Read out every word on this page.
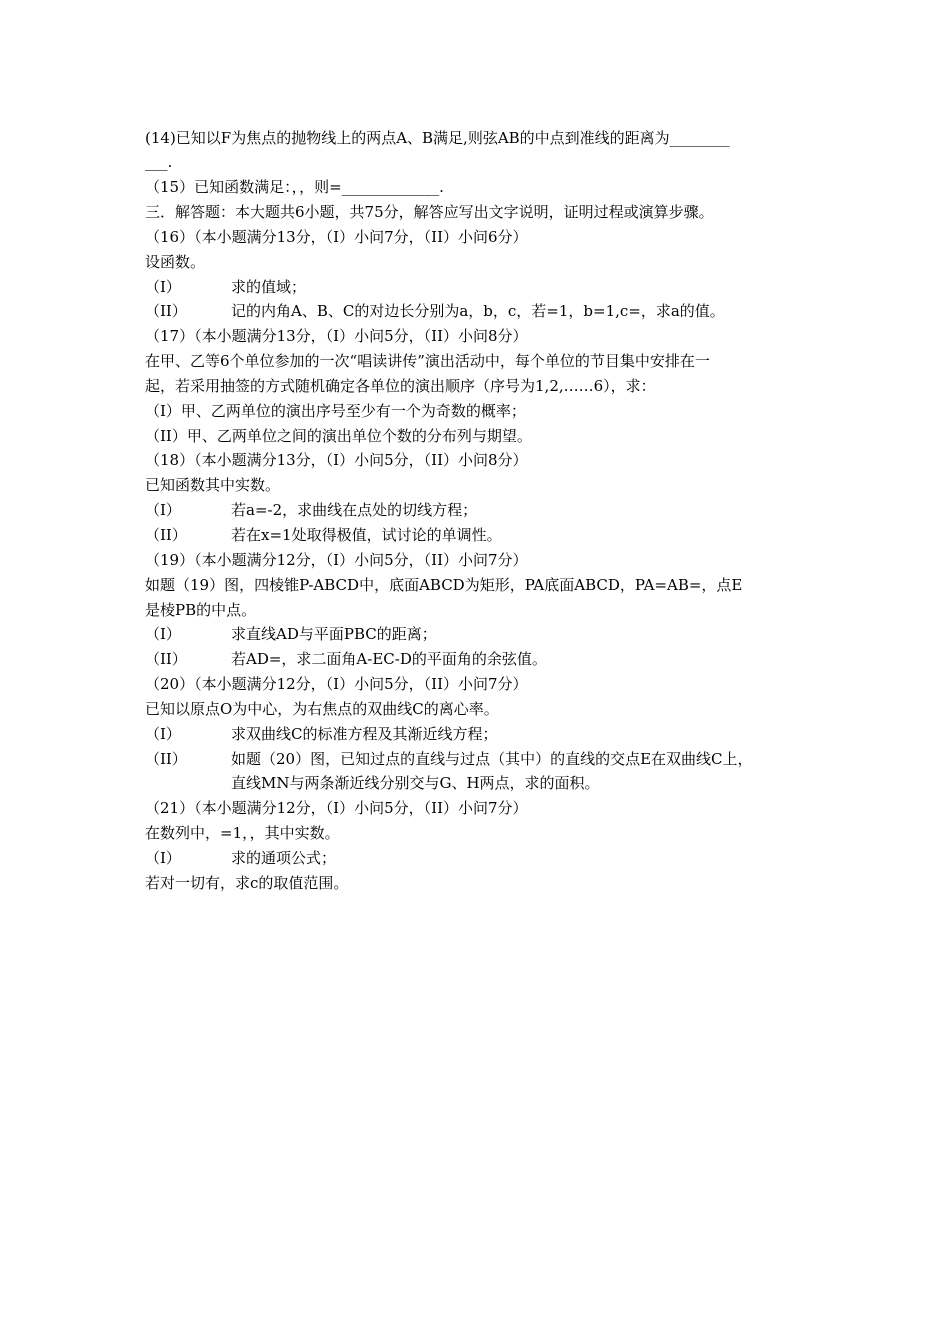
(14)已知以F为焦点的抛物线上的两点A、B满足,则弦AB的中点到准线的距离为________
___.
（15）已知函数满足：，，则=_____________.
三．解答题：本大题共6小题，共75分，解答应写出文字说明，证明过程或演算步骤。
（16）（本小题满分13分，（I）小问7分，（II）小问6分）
设函数。
（I）	求的值域；
（II）	记的内角A、B、C的对边长分别为a，b，c，若=1，b=1,c=，求a的值。
（17）（本小题满分13分，（I）小问5分，（II）小问8分）
在甲、乙等6个单位参加的一次“唱读讲传”演出活动中，每个单位的节目集中安排在一
起，若采用抽签的方式随机确定各单位的演出顺序（序号为1,2,……6），求：
（I）甲、乙两单位的演出序号至少有一个为奇数的概率；
（II）甲、乙两单位之间的演出单位个数的分布列与期望。
（18）（本小题满分13分，（I）小问5分，（II）小问8分）
已知函数其中实数。
（I）	若a=-2，求曲线在点处的切线方程；
（II）	若在x=1处取得极值，试讨论的单调性。
（19）（本小题满分12分，（I）小问5分，（II）小问7分）
如题（19）图，四棱锥P-ABCD中，底面ABCD为矩形，PA底面ABCD，PA=AB=，点E
是棱PB的中点。
（I）	求直线AD与平面PBC的距离；
（II）	若AD=，求二面角A-EC-D的平面角的余弦值。
（20）（本小题满分12分，（I）小问5分，（II）小问7分）
已知以原点O为中心，为右焦点的双曲线C的离心率。
（I）	求双曲线C的标准方程及其渐近线方程；
（II）	如题（20）图，已知过点的直线与过点（其中）的直线的交点E在双曲线C上，
直线MN与两条渐近线分别交与G、H两点，求的面积。
（21）（本小题满分12分，（I）小问5分，（II）小问7分）
在数列中，=1，，其中实数。
（I）	求的通项公式；
若对一切有，求c的取值范围。
